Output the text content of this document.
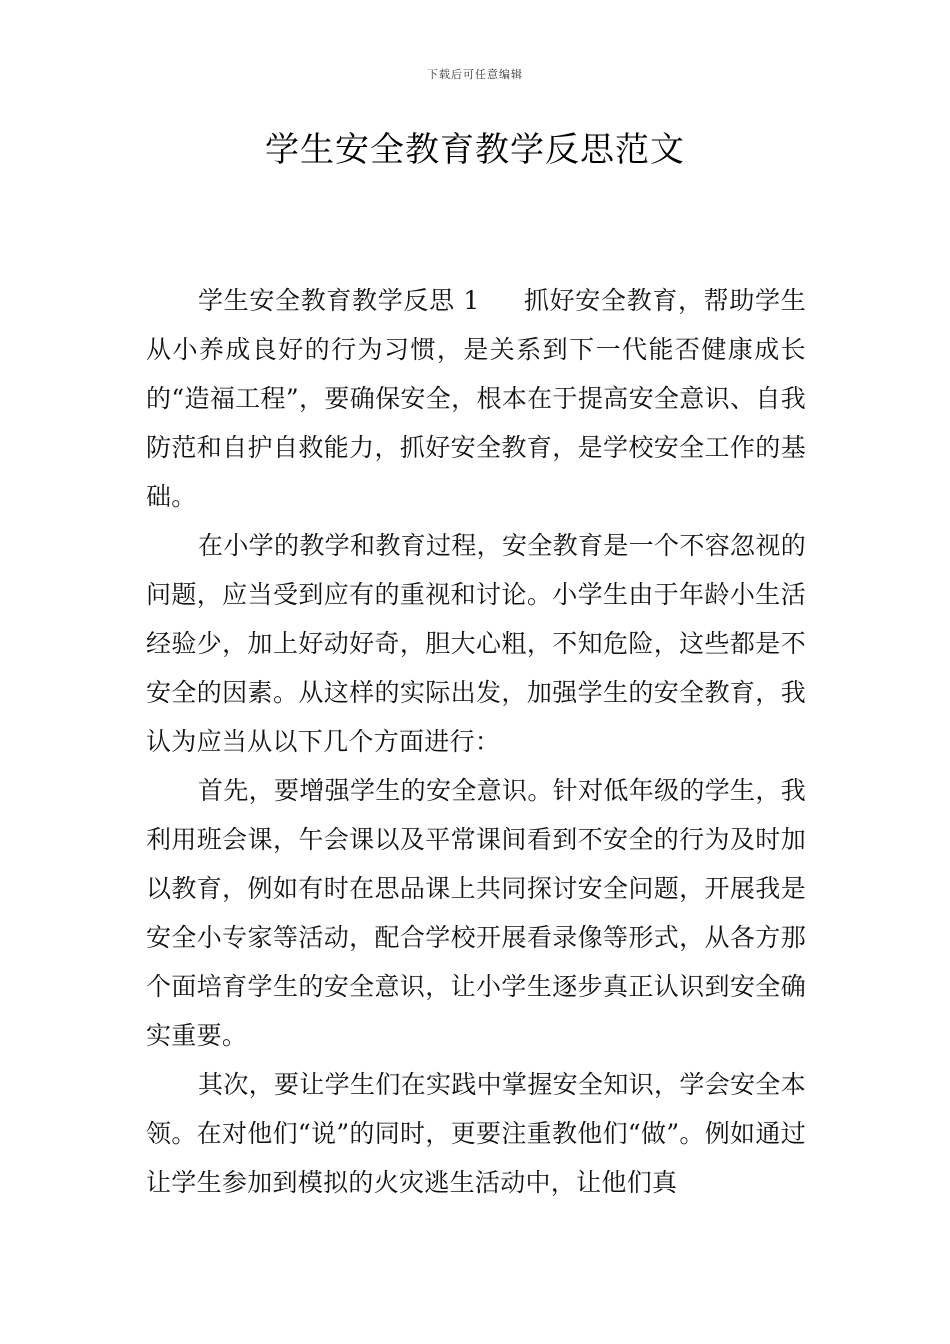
下载后可任意编辑
学生安全教育教学反思范文

学生安全教育教学反思 1 抓好安全教育，帮助学生从小养成良好的行为习惯，是关系到下一代能否健康成长的“造福工程”，要确保安全，根本在于提高安全意识、自我防范和自护自救能力，抓好安全教育，是学校安全工作的基础。

在小学的教学和教育过程，安全教育是一个不容忽视的问题，应当受到应有的重视和讨论。小学生由于年龄小生活经验少，加上好动好奇，胆大心粗，不知危险，这些都是不安全的因素。从这样的实际出发，加强学生的安全教育，我认为应当从以下几个方面进行：

首先，要增强学生的安全意识。针对低年级的学生，我利用班会课，午会课以及平常课间看到不安全的行为及时加以教育，例如有时在思品课上共同探讨安全问题，开展我是安全小专家等活动，配合学校开展看录像等形式，从各方那个面培育学生的安全意识，让小学生逐步真正认识到安全确实重要。

其次，要让学生们在实践中掌握安全知识，学会安全本领。在对他们“说”的同时，更要注重教他们“做”。例如通过让学生参加到模拟的火灾逃生活动中，让他们真
